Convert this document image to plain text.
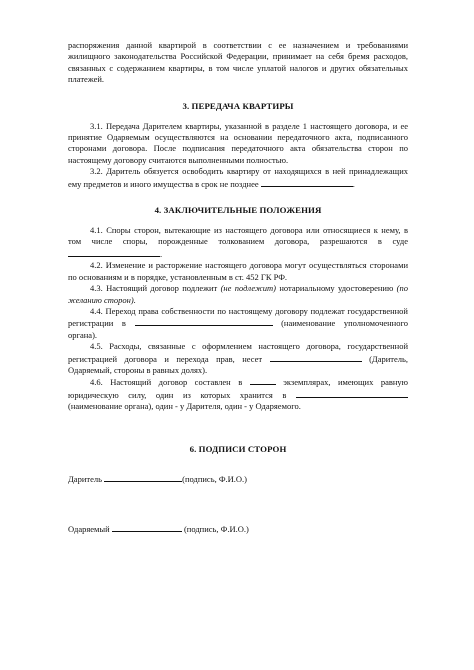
распоряжения данной квартирой в соответствии с ее назначением и требованиями жилищного законодательства Российской Федерации, принимает на себя бремя расходов, связанных с содержанием квартиры, в том числе уплатой налогов и других обязательных платежей.

3. ПЕРЕДАЧА КВАРТИРЫ

3.1. Передача Дарителем квартиры, указанной в разделе 1 настоящего договора, и ее принятие Одаряемым осуществляются на основании передаточного акта, подписанного сторонами договора. После подписания передаточного акта обязательства сторон по настоящему договору считаются выполненными полностью.

3.2. Даритель обязуется освободить квартиру от находящихся в ней принадлежащих ему предметов и иного имущества в срок не позднее	.

4. ЗАКЛЮЧИТЕЛЬНЫЕ ПОЛОЖЕНИЯ

4.1. Споры сторон, вытекающие из настоящего договора или относящиеся к нему, в том числе споры, порожденные толкованием договора, разрешаются в суде .

4.2. Изменение и расторжение настоящего договора могут осуществляться сторонами по основаниям и в порядке, установленным в ст. 452 ГК РФ.

4.3. Настоящий договор подлежит (не подлежит) нотариальному удостоверению (по желанию сторон).

4.4. Переход права собственности по настоящему договору подлежат государственной регистрации в	(наименование уполномоченного органа).

4.5. Расходы, связанные с оформлением настоящего договора, государственной регистрацией договора и перехода прав, несет	(Даритель, Одаряемый, стороны в равных долях).

4.6. Настоящий договор составлен в	экземплярах, имеющих равную юридическую силу, один из которых хранится в (наименование органа), один - у Дарителя, один - у Одаряемого.

6. ПОДПИСИ СТОРОН

Даритель	(подпись, Ф.И.О.)

Одаряемый	(подпись, Ф.И.О.)
